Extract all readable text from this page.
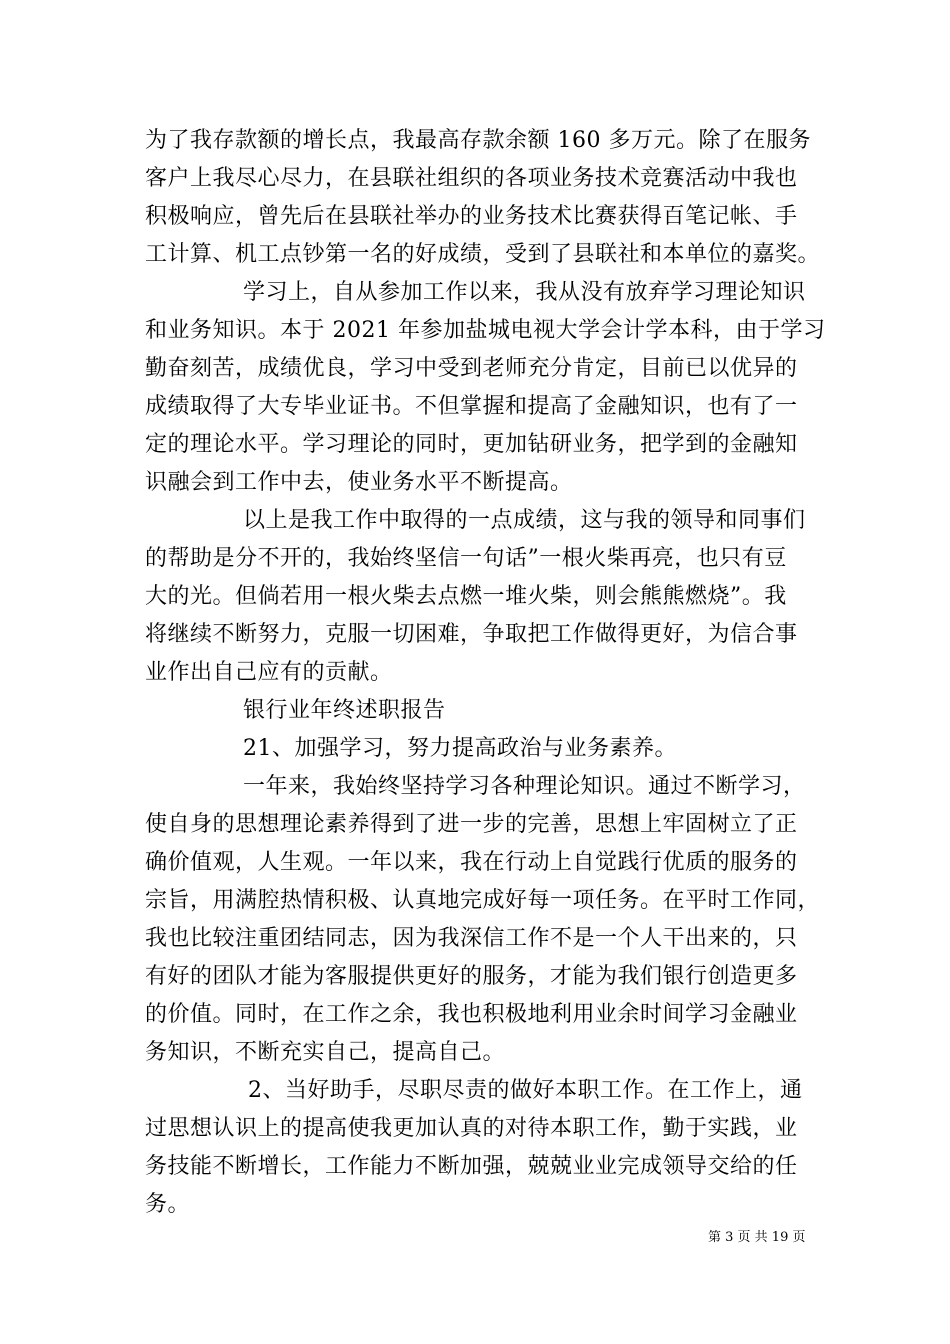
为了我存款额的增长点，我最高存款余额 160 多万元。除了在服务
客户上我尽心尽力，在县联社组织的各项业务技术竞赛活动中我也
积极响应，曾先后在县联社举办的业务技术比赛获得百笔记帐、手
工计算、机工点钞第一名的好成绩，受到了县联社和本单位的嘉奖。
学习上，自从参加工作以来，我从没有放弃学习理论知识
和业务知识。本于 2021 年参加盐城电视大学会计学本科，由于学习
勤奋刻苦，成绩优良，学习中受到老师充分肯定，目前已以优异的
成绩取得了大专毕业证书。不但掌握和提高了金融知识，也有了一
定的理论水平。学习理论的同时，更加钻研业务，把学到的金融知
识融会到工作中去，使业务水平不断提高。
以上是我工作中取得的一点成绩，这与我的领导和同事们
的帮助是分不开的，我始终坚信一句话”一根火柴再亮，也只有豆
大的光。但倘若用一根火柴去点燃一堆火柴，则会熊熊燃烧”。我
将继续不断努力，克服一切困难，争取把工作做得更好，为信合事
业作出自己应有的贡献。
银行业年终述职报告
21、加强学习，努力提高政治与业务素养。
一年来，我始终坚持学习各种理论知识。通过不断学习，
使自身的思想理论素养得到了进一步的完善，思想上牢固树立了正
确价值观，人生观。一年以来，我在行动上自觉践行优质的服务的
宗旨，用满腔热情积极、认真地完成好每一项任务。在平时工作同，
我也比较注重团结同志，因为我深信工作不是一个人干出来的，只
有好的团队才能为客服提供更好的服务，才能为我们银行创造更多
的价值。同时，在工作之余，我也积极地利用业余时间学习金融业
务知识，不断充实自己，提高自己。
2、当好助手，尽职尽责的做好本职工作。在工作上，通
过思想认识上的提高使我更加认真的对待本职工作，勤于实践，业
务技能不断增长，工作能力不断加强，兢兢业业完成领导交给的任
务。
第 3 页 共 19 页
